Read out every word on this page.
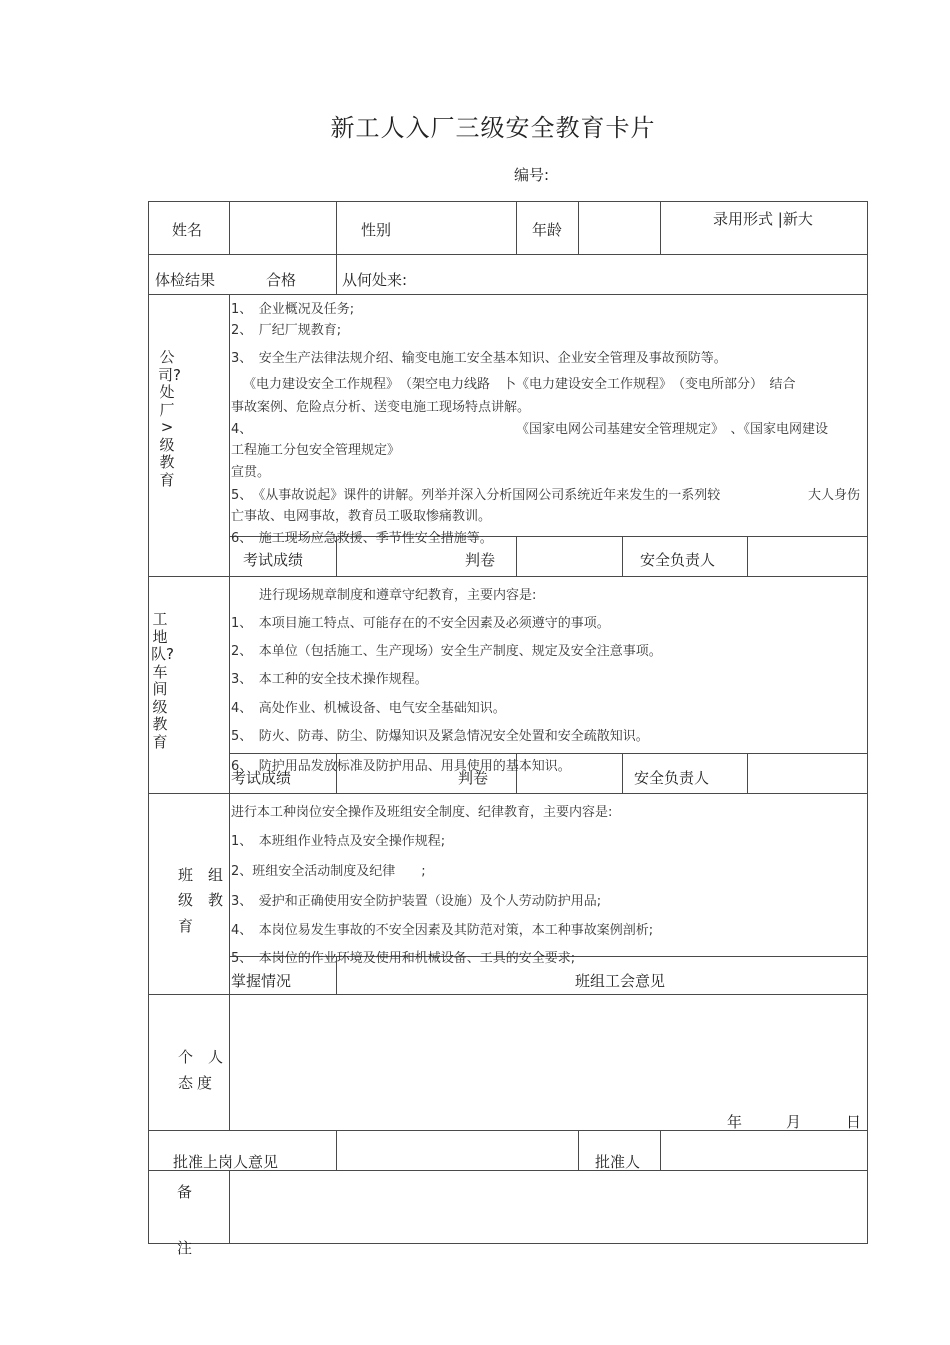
新工人入厂三级安全教育卡片
编号:
姓名	性别	年龄
录用形式 |新大
体检结果	合格	从何处来:
公司?处厂>级教育
1、　企业概况及任务;
2、　厂纪厂规教育;
3、　安全生产法律法规介绍、输变电施工安全基本知识、企业安全管理及事故预防等。
《电力建设安全工作规程》　（架空电力线路　卜《电力建设安全工作规程》　（变电所部分）　结合
事故案例、危险点分析、送变电施工现场特点讲解。
4、	《国家电网公司基建安全管理规定》　、《国家电网建设
工程施工分包安全管理规定》
宣贯。
5、　《从事故说起》课件的讲解。列举并深入分析国网公司系统近年来发生的一系列较	大人身伤
亡事故、电网事故，教育员工吸取惨痛教训。
6、　施工现场应急救援、季节性安全措施等。
考试成绩	判卷	安全负责人
工地队?车间级教育
进行现场规章制度和遵章守纪教育，主要内容是:
1、　本项目施工特点、可能存在的不安全因素及必须遵守的事项。
2、　本单位（包括施工、生产现场）安全生产制度、规定及安全注意事项。
3、　本工种的安全技术操作规程。
4、　高处作业、机械设备、电气安全基础知识。
5、　防火、防毒、防尘、防爆知识及紧急情况安全处置和安全疏散知识。
6、　防护用品发放标准及防护用品、用具使用的基本知识。
考试成绩	判卷	安全负责人
班　组
级　教
育
进行本工种岗位安全操作及班组安全制度、纪律教育，主要内容是:
1、　本班组作业特点及安全操作规程;
2、班组安全活动制度及纪律　　;
3、　爱护和正确使用安全防护装置（设施）及个人劳动防护用品;
4、　本岗位易发生事故的不安全因素及其防范对策，本工种事故案例剖析;
5、　本岗位的作业环境及使用和机械设备、工具的安全要求;
掌握情况	班组工会意见
个　人
态度
年	月	日
批准上岗人意见	批准人
备
注
